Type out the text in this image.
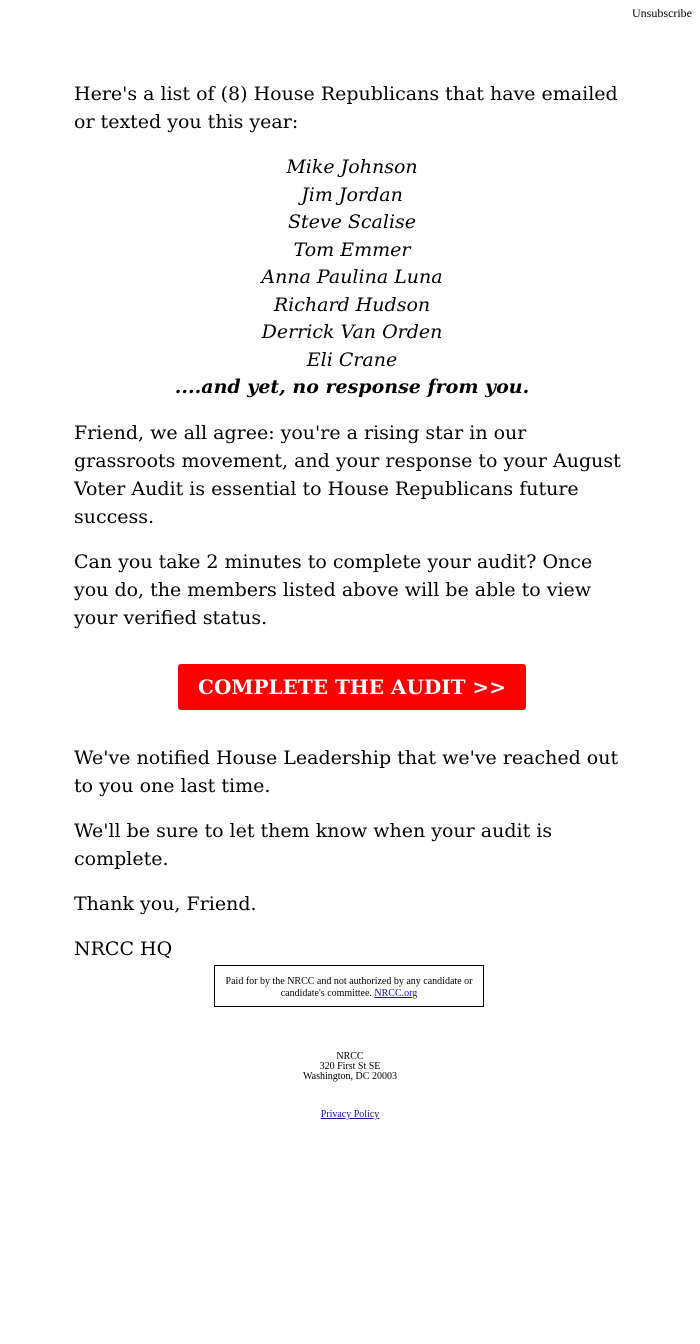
Unsubscribe

Here's a list of (8) House Republicans that have emailed or texted you this year:

Mike Johnson
Jim Jordan
Steve Scalise
Tom Emmer
Anna Paulina Luna
Richard Hudson
Derrick Van Orden
Eli Crane
....and yet, no response from you.

Friend, we all agree: you're a rising star in our grassroots movement, and your response to your August Voter Audit is essential to House Republicans future success.

Can you take 2 minutes to complete your audit? Once you do, the members listed above will be able to view your verified status.

COMPLETE THE AUDIT >>

We've notified House Leadership that we've reached out to you one last time.

We'll be sure to let them know when your audit is complete.

Thank you, Friend.

NRCC HQ

Paid for by the NRCC and not authorized by any candidate or candidate's committee. NRCC.org
NRCC
320 First St SE
Washington, DC 20003
Privacy Policy
